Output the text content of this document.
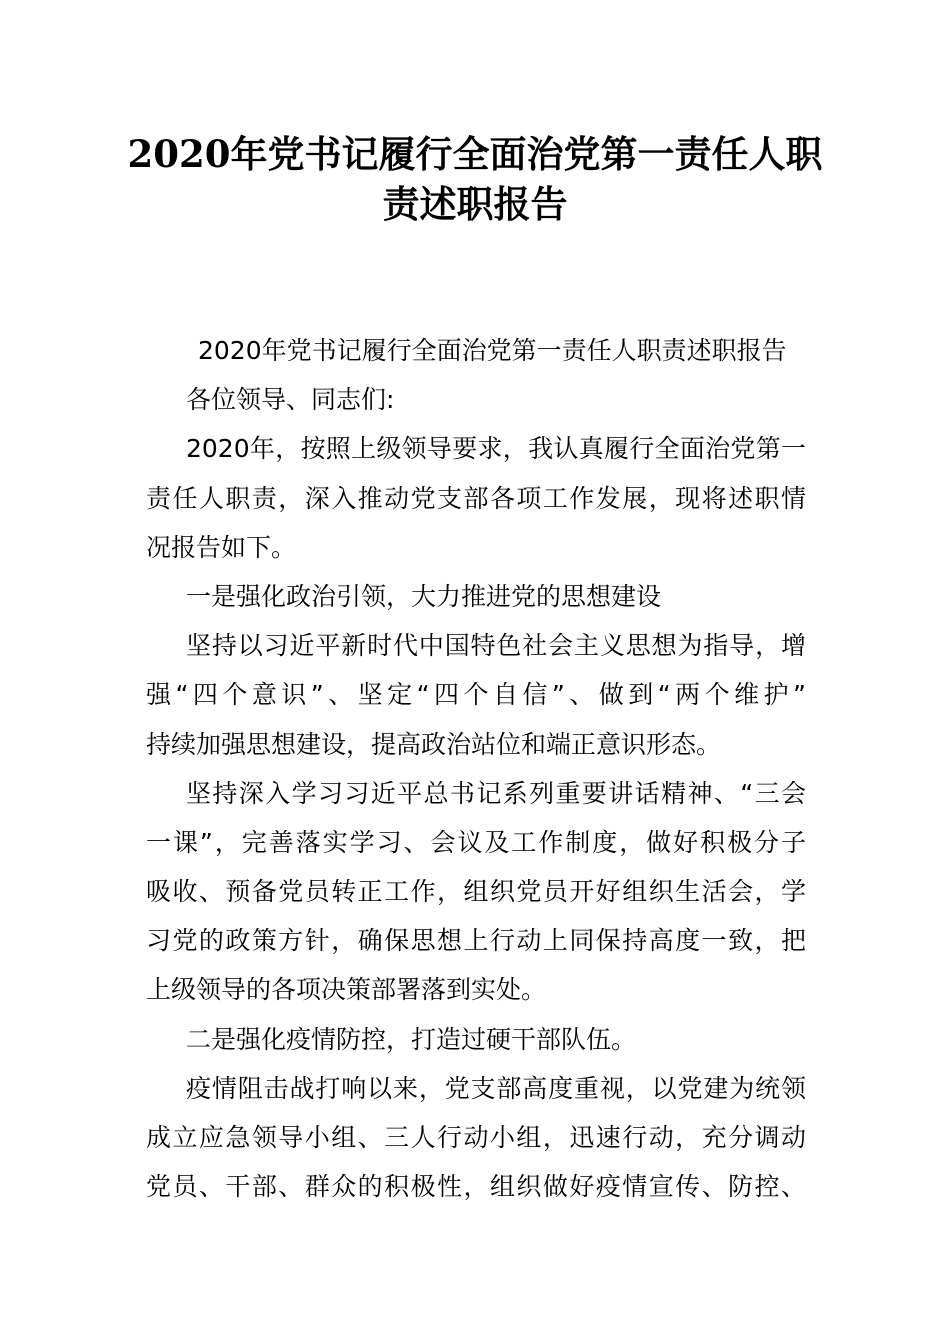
2020年党书记履行全面治党第一责任人职
责述职报告
2020年党书记履行全面治党第一责任人职责述职报告
各位领导、同志们:
2020年，按照上级领导要求，我认真履行全面治党第一
责任人职责，深入推动党支部各项工作发展，现将述职情
况报告如下。
一是强化政治引领，大力推进党的思想建设
坚持以习近平新时代中国特色社会主义思想为指导，增
强“四个意识”、坚定“四个自信”、做到“两个维护”
持续加强思想建设，提高政治站位和端正意识形态。
坚持深入学习习近平总书记系列重要讲话精神、“三会
一课”，完善落实学习、会议及工作制度，做好积极分子
吸收、预备党员转正工作，组织党员开好组织生活会，学
习党的政策方针，确保思想上行动上同保持高度一致，把
上级领导的各项决策部署落到实处。
二是强化疫情防控，打造过硬干部队伍。
疫情阻击战打响以来，党支部高度重视，以党建为统领
成立应急领导小组、三人行动小组，迅速行动，充分调动
党员、干部、群众的积极性，组织做好疫情宣传、防控、
